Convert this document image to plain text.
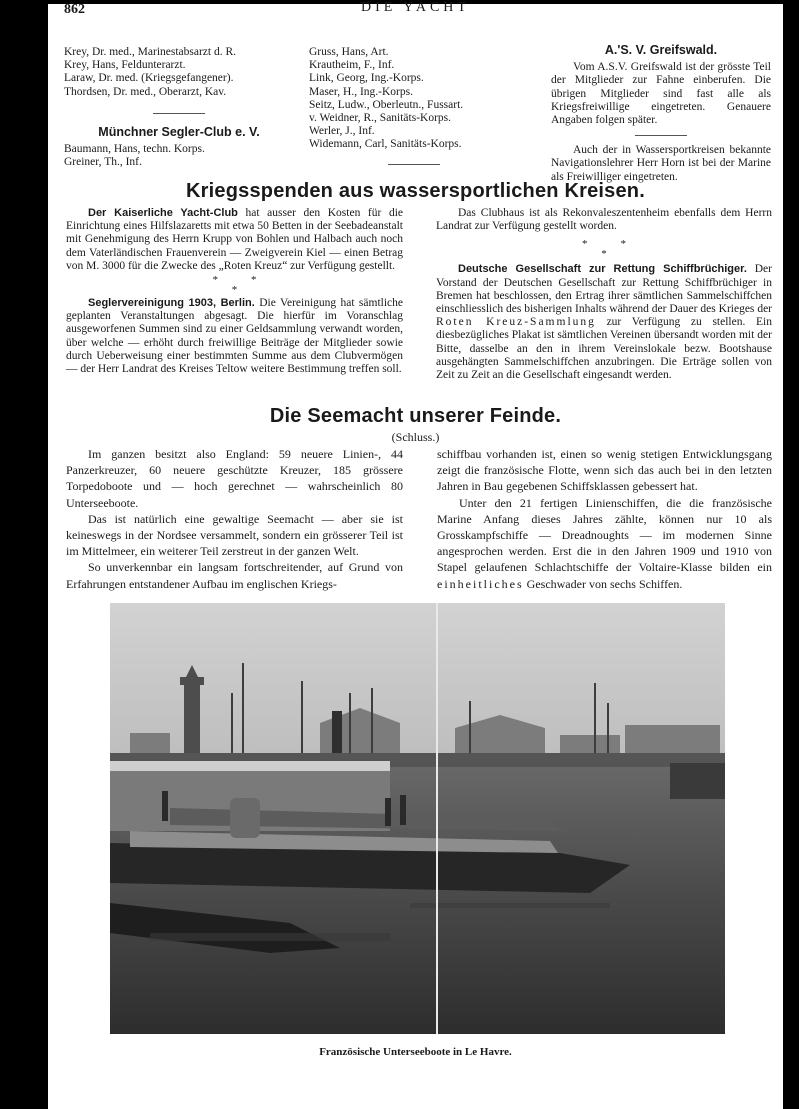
862	DIE YACHT
Krey, Dr. med., Marinestabsarzt d. R.
Krey, Hans, Feldunterarzt.
Laraw, Dr. med. (Kriegsgefangener).
Thordsen, Dr. med., Oberarzt, Kav.
Münchner Segler-Club e. V.
Baumann, Hans, techn. Korps.
Greiner, Th., Inf.
Gruss, Hans, Art.
Krautheim, F., Inf.
Link, Georg, Ing.-Korps.
Maser, H., Ing.-Korps.
Seitz, Ludw., Oberleutn., Fussart.
v. Weidner, R., Sanitäts-Korps.
Werler, J., Inf.
Widemann, Carl, Sanitäts-Korps.
A.'S. V. Greifswald.
Vom A.S.V. Greifswald ist der grösste Teil der Mitglieder zur Fahne einberufen. Die übrigen Mitglieder sind fast alle als Kriegsfreiwillige eingetreten. Genauere Angaben folgen später.
Auch der in Wassersportkreisen bekannte Navigationslehrer Herr Horn ist bei der Marine als Freiwilliger eingetreten.
Kriegsspenden aus wassersportlichen Kreisen.

Der Kaiserliche Yacht-Club hat ausser den Kosten für die Einrichtung eines Hilfslazaretts mit etwa 50 Betten in der Seebadeanstalt mit Genehmigung des Herrn Krupp von Bohlen und Halbach auch noch dem Vaterländischen Frauenverein — Zweigverein Kiel — einen Betrag von M. 3000 für die Zwecke des „Roten Kreuz“ zur Verfügung gestellt.

*            *
*

Seglervereinigung 1903, Berlin. Die Vereinigung hat sämtliche geplanten Veranstaltungen abgesagt. Die hierfür im Voranschlag ausgeworfenen Summen sind zu einer Geldsammlung verwandt worden, über welche — erhöht durch freiwillige Beiträge der Mitglieder sowie durch Ueberweisung einer bestimmten Summe aus dem Clubvermögen — der Herr Landrat des Kreises Teltow weitere Bestimmung treffen soll.

Das Clubhaus ist als Rekonvaleszentenheim ebenfalls dem Herrn Landrat zur Verfügung gestellt worden.

*            *
*

Deutsche Gesellschaft zur Rettung Schiffbrüchiger. Der Vorstand der Deutschen Gesellschaft zur Rettung Schiffbrüchiger in Bremen hat beschlossen, den Ertrag ihrer sämtlichen Sammelschiffchen einschliesslich des bisherigen Inhalts während der Dauer des Krieges der Roten Kreuz-Sammlung zur Verfügung zu stellen. Ein diesbezügliches Plakat ist sämtlichen Vereinen übersandt worden mit der Bitte, dasselbe an den in ihrem Vereinslokale bezw. Bootshause ausgehängten Sammelschiffchen anzubringen. Die Erträge sollen von Zeit zu Zeit an die Gesellschaft eingesandt werden.

Die Seemacht unserer Feinde.
(Schluss.)

Im ganzen besitzt also England: 59 neuere Linien-, 44 Panzerkreuzer, 60 neuere geschützte Kreuzer, 185 grössere Torpedoboote und — hoch gerechnet — wahrscheinlich 80 Unterseeboote.

Das ist natürlich eine gewaltige Seemacht — aber sie ist keineswegs in der Nordsee versammelt, sondern ein grösserer Teil ist im Mittelmeer, ein weiterer Teil zerstreut in der ganzen Welt.

So unverkennbar ein langsam fortschreitender, auf Grund von Erfahrungen entstandener Aufbau im englischen Kriegs-

schiffbau vorhanden ist, einen so wenig stetigen Entwicklungsgang zeigt die französische Flotte, wenn sich das auch bei in den letzten Jahren in Bau gegebenen Schiffsklassen gebessert hat.

Unter den 21 fertigen Linienschiffen, die die französische Marine Anfang dieses Jahres zählte, können nur 10 als Grosskampfschiffe — Dreadnoughts — im modernen Sinne angesprochen werden. Erst die in den Jahren 1909 und 1910 von Stapel gelaufenen Schlachtschiffe der Voltaire-Klasse bilden ein einheitliches Geschwader von sechs Schiffen.

Französische Unterseeboote in Le Havre.
